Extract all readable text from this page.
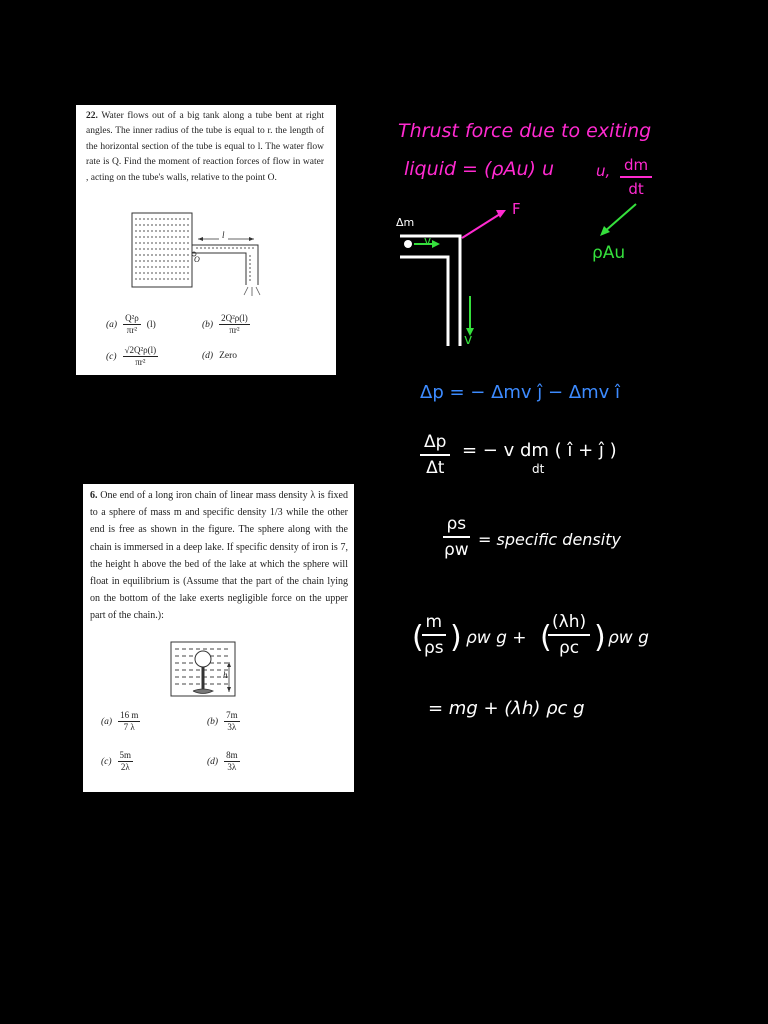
22. Water flows out of a big tank along a tube bent at right angles. The inner radius of the tube is equal to r. the length of the horizontal section of the tube is equal to l. The water flow rate is Q. Find the moment of reaction forces of flow in water , acting on the tube's walls, relative to the point O.
l
O
$(a) \frac{\text{Q²ρ}}{\text{πr²}} (l)$	$(b) \frac{\text{2Q²ρ(l)}}{\text{πr²}}$
$(c) \frac{\text{√2Q²ρ(l)}}{\text{πr²}}$	(d) Zero
6. One end of a long iron chain of linear mass density λ is fixed to a sphere of mass m and specific density 1/3 while the other end is free as shown in the figure. The sphere along with the chain is immersed in a deep lake. If specific density of iron is 7, the height h above the bed of the lake at which the sphere will float in equilibrium is (Assume that the part of the chain lying on the bottom of the lake exerts negligible force on the upper part of the chain.):
h
$(a) \frac{16 m}{7 \lambda}$	$(b) \frac{7m}{3\lambda}$
$(c) \frac{5m}{2\lambda}$	$(d) \frac{8m}{3\lambda}$
Thrust force due to exiting
liquid = (ρAu) u	u, $\frac{dm}{dt}$
ρAu
Δm
v
F
v
Δp = − Δmv ĵ − Δmv î
$\frac{\Delta p}{\Delta t}$ = − v dm ( î + ĵ )
dt
$\frac{\rho s}{\rho w}$ = specific density
(
$\frac{m}{\rho s}$ ) ρw g + (
$\frac{(\lambda h)}{\rho c}$ ) ρw g
= mg + (λh) ρc g
